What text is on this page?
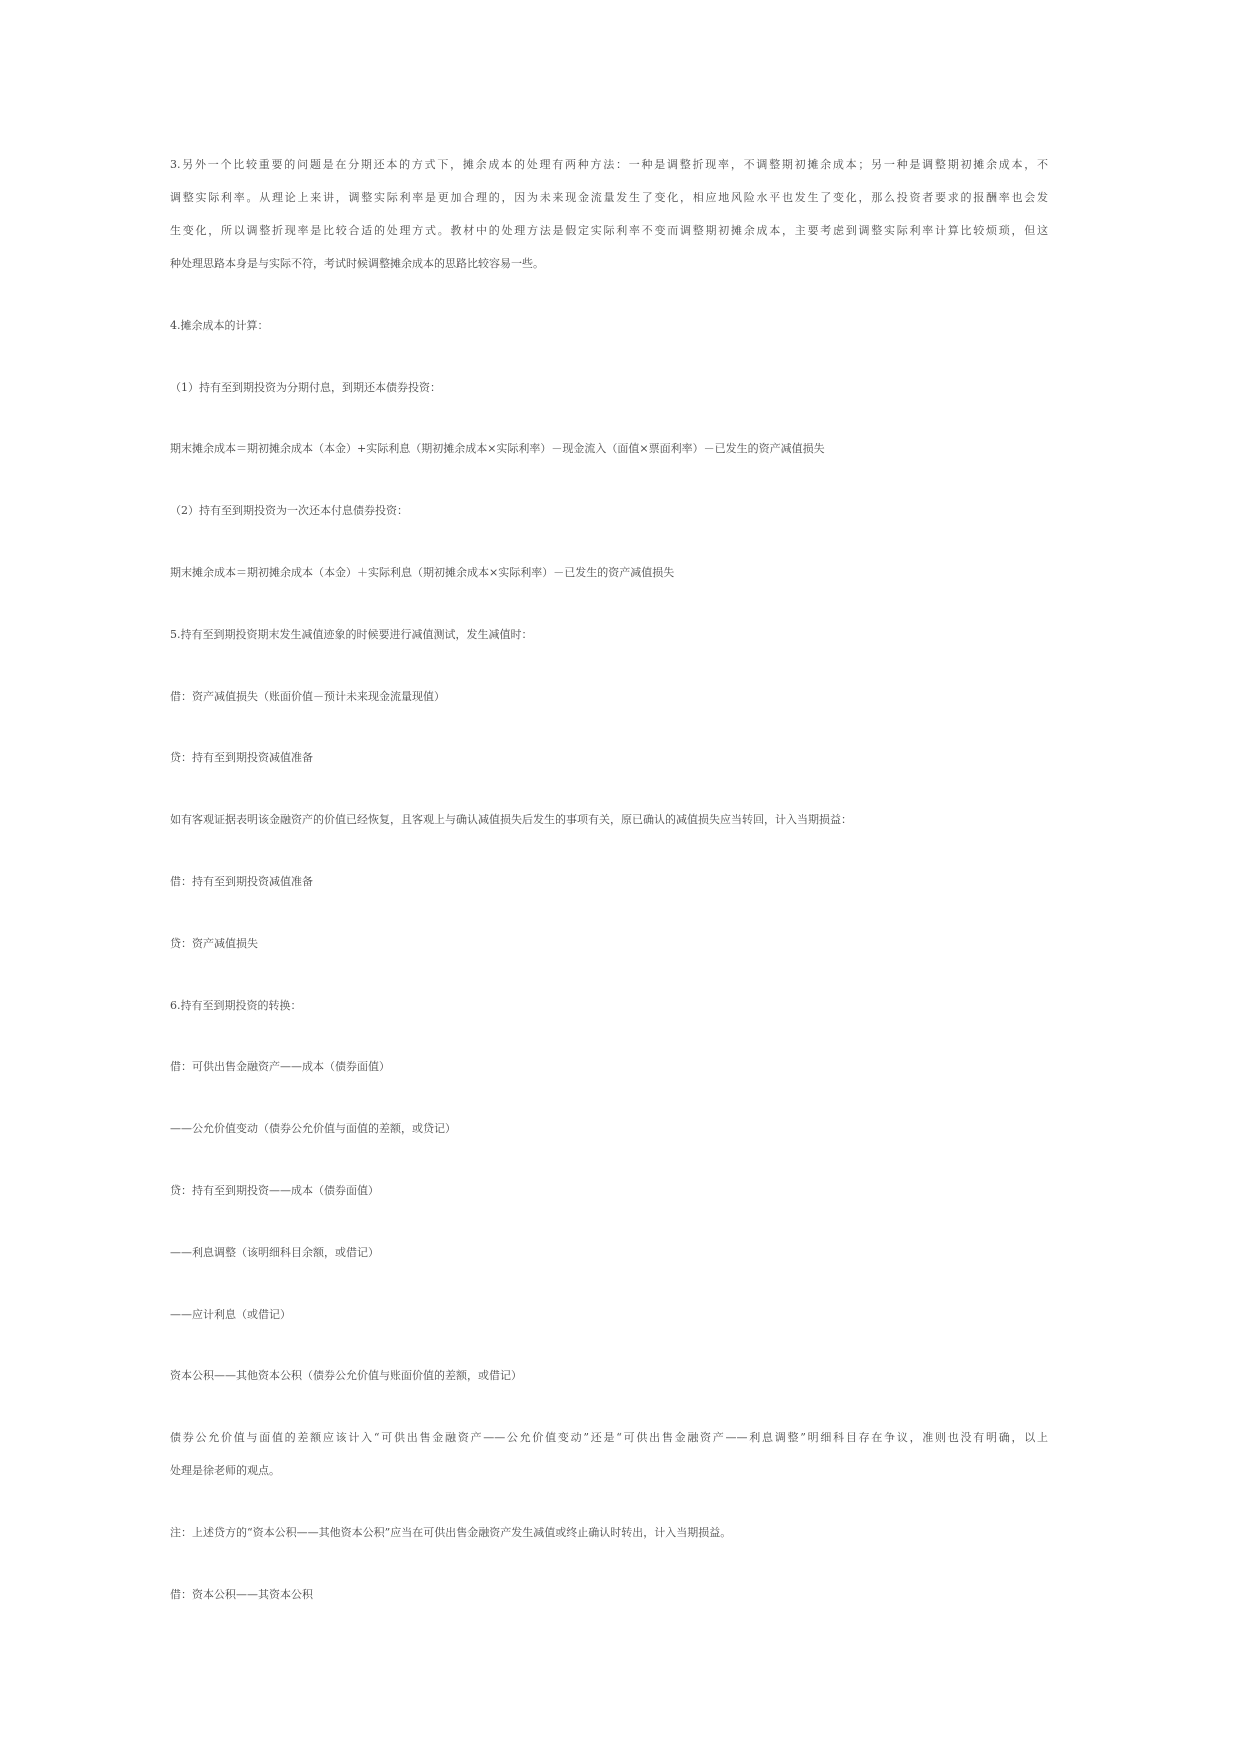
3.另外一个比较重要的问题是在分期还本的方式下，摊余成本的处理有两种方法：一种是调整折现率，不调整期初摊余成本；另一种是调整期初摊余成本，不
调整实际利率。从理论上来讲，调整实际利率是更加合理的，因为未来现金流量发生了变化，相应地风险水平也发生了变化，那么投资者要求的报酬率也会发
生变化，所以调整折现率是比较合适的处理方式。教材中的处理方法是假定实际利率不变而调整期初摊余成本，主要考虑到调整实际利率计算比较烦琐，但这
种处理思路本身是与实际不符，考试时候调整摊余成本的思路比较容易一些。
4.摊余成本的计算：
（1）持有至到期投资为分期付息，到期还本债券投资：
期末摊余成本＝期初摊余成本（本金）+实际利息（期初摊余成本×实际利率）－现金流入（面值×票面利率）－已发生的资产减值损失
（2）持有至到期投资为一次还本付息债券投资：
期末摊余成本＝期初摊余成本（本金）＋实际利息（期初摊余成本×实际利率）－已发生的资产减值损失
5.持有至到期投资期末发生减值迹象的时候要进行减值测试，发生减值时：
借：资产减值损失（账面价值－预计未来现金流量现值）
贷：持有至到期投资减值准备
如有客观证据表明该金融资产的价值已经恢复，且客观上与确认减值损失后发生的事项有关，原已确认的减值损失应当转回，计入当期损益：
借：持有至到期投资减值准备
贷：资产减值损失
6.持有至到期投资的转换：
借：可供出售金融资产——成本（债券面值）
——公允价值变动（债券公允价值与面值的差额，或贷记）
贷：持有至到期投资——成本（债券面值）
——利息调整（该明细科目余额，或借记）
——应计利息（或借记）
资本公积——其他资本公积（债券公允价值与账面价值的差额，或借记）
债券公允价值与面值的差额应该计入“可供出售金融资产——公允价值变动”还是“可供出售金融资产——利息调整”明细科目存在争议，准则也没有明确，以上
处理是徐老师的观点。
注：上述贷方的“资本公积——其他资本公积”应当在可供出售金融资产发生减值或终止确认时转出，计入当期损益。
借：资本公积——其资本公积
